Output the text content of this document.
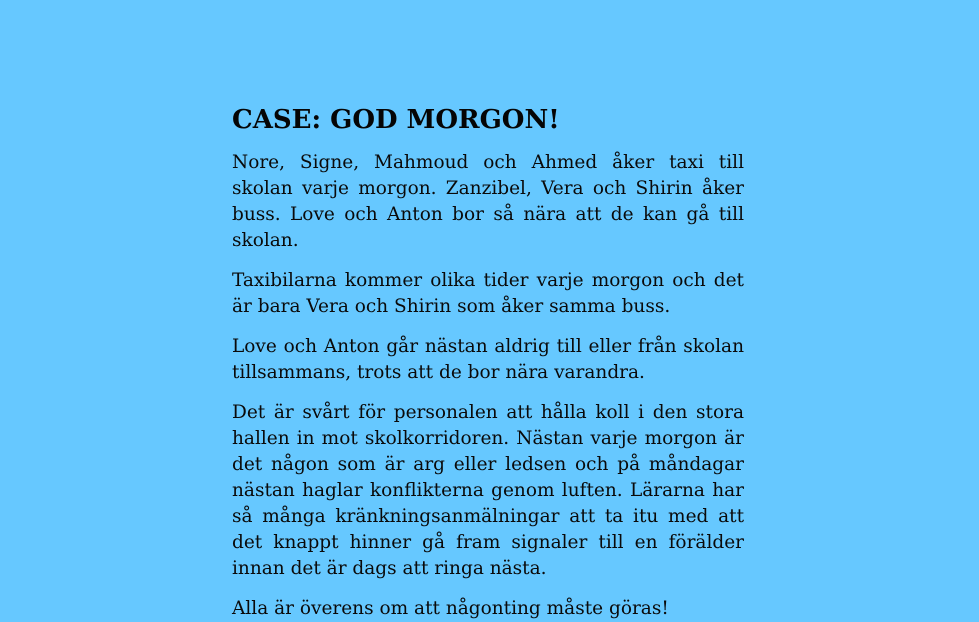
CASE: GOD MORGON!

Nore, Signe, Mahmoud och Ahmed åker taxi till skolan varje morgon. Zanzibel, Vera och Shirin åker buss. Love och Anton bor så nära att de kan gå till skolan.

Taxibilarna kommer olika tider varje morgon och det är bara Vera och Shirin som åker samma buss.

Love och Anton går nästan aldrig till eller från skolan tillsammans, trots att de bor nära varandra.

Det är svårt för personalen att hålla koll i den stora hallen in mot skolkorridoren. Nästan varje morgon är det någon som är arg eller ledsen och på måndagar nästan haglar konflikterna genom luften. Lärarna har så många kränkningsanmälningar att ta itu med att det knappt hinner gå fram signaler till en förälder innan det är dags att ringa nästa.

Alla är överens om att någonting måste göras!
